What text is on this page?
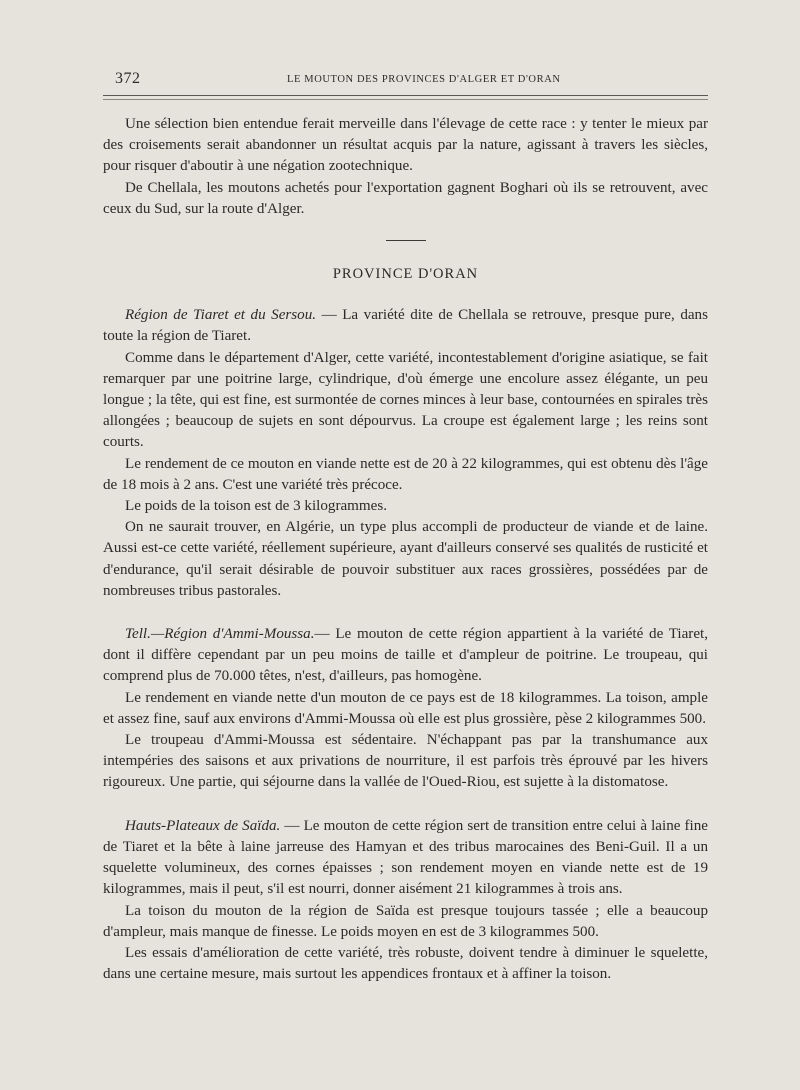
372	LE MOUTON DES PROVINCES D'ALGER ET D'ORAN

Une sélection bien entendue ferait merveille dans l'élevage de cette race : y tenter le mieux par des croisements serait abandonner un résultat acquis par la nature, agissant à travers les siècles, pour risquer d'aboutir à une négation zootechnique.

De Chellala, les moutons achetés pour l'exportation gagnent Boghari où ils se retrouvent, avec ceux du Sud, sur la route d'Alger.

PROVINCE D'ORAN

Région de Tiaret et du Sersou. — La variété dite de Chellala se retrouve, presque pure, dans toute la région de Tiaret.

Comme dans le département d'Alger, cette variété, incontestablement d'origine asiatique, se fait remarquer par une poitrine large, cylindrique, d'où émerge une encolure assez élégante, un peu longue ; la tête, qui est fine, est surmontée de cornes minces à leur base, contournées en spirales très allongées ; beaucoup de sujets en sont dépourvus. La croupe est également large ; les reins sont courts.

Le rendement de ce mouton en viande nette est de 20 à 22 kilogrammes, qui est obtenu dès l'âge de 18 mois à 2 ans. C'est une variété très précoce.

Le poids de la toison est de 3 kilogrammes.

On ne saurait trouver, en Algérie, un type plus accompli de producteur de viande et de laine. Aussi est-ce cette variété, réellement supérieure, ayant d'ailleurs conservé ses qualités de rusticité et d'endurance, qu'il serait désirable de pouvoir substituer aux races grossières, possédées par de nombreuses tribus pastorales.

Tell.—Région d'Ammi-Moussa.— Le mouton de cette région appartient à la variété de Tiaret, dont il diffère cependant par un peu moins de taille et d'ampleur de poitrine. Le troupeau, qui comprend plus de 70.000 têtes, n'est, d'ailleurs, pas homogène.

Le rendement en viande nette d'un mouton de ce pays est de 18 kilogrammes. La toison, ample et assez fine, sauf aux environs d'Ammi-Moussa où elle est plus grossière, pèse 2 kilogrammes 500.

Le troupeau d'Ammi-Moussa est sédentaire. N'échappant pas par la transhumance aux intempéries des saisons et aux privations de nourriture, il est parfois très éprouvé par les hivers rigoureux. Une partie, qui séjourne dans la vallée de l'Oued-Riou, est sujette à la distomatose.

Hauts-Plateaux de Saïda. — Le mouton de cette région sert de transition entre celui à laine fine de Tiaret et la bête à laine jarreuse des Hamyan et des tribus marocaines des Beni-Guil. Il a un squelette volumineux, des cornes épaisses ; son rendement moyen en viande nette est de 19 kilogrammes, mais il peut, s'il est nourri, donner aisément 21 kilogrammes à trois ans.

La toison du mouton de la région de Saïda est presque toujours tassée ; elle a beaucoup d'ampleur, mais manque de finesse. Le poids moyen en est de 3 kilogrammes 500.

Les essais d'amélioration de cette variété, très robuste, doivent tendre à diminuer le squelette, dans une certaine mesure, mais surtout les appendices frontaux et à affiner la toison.
